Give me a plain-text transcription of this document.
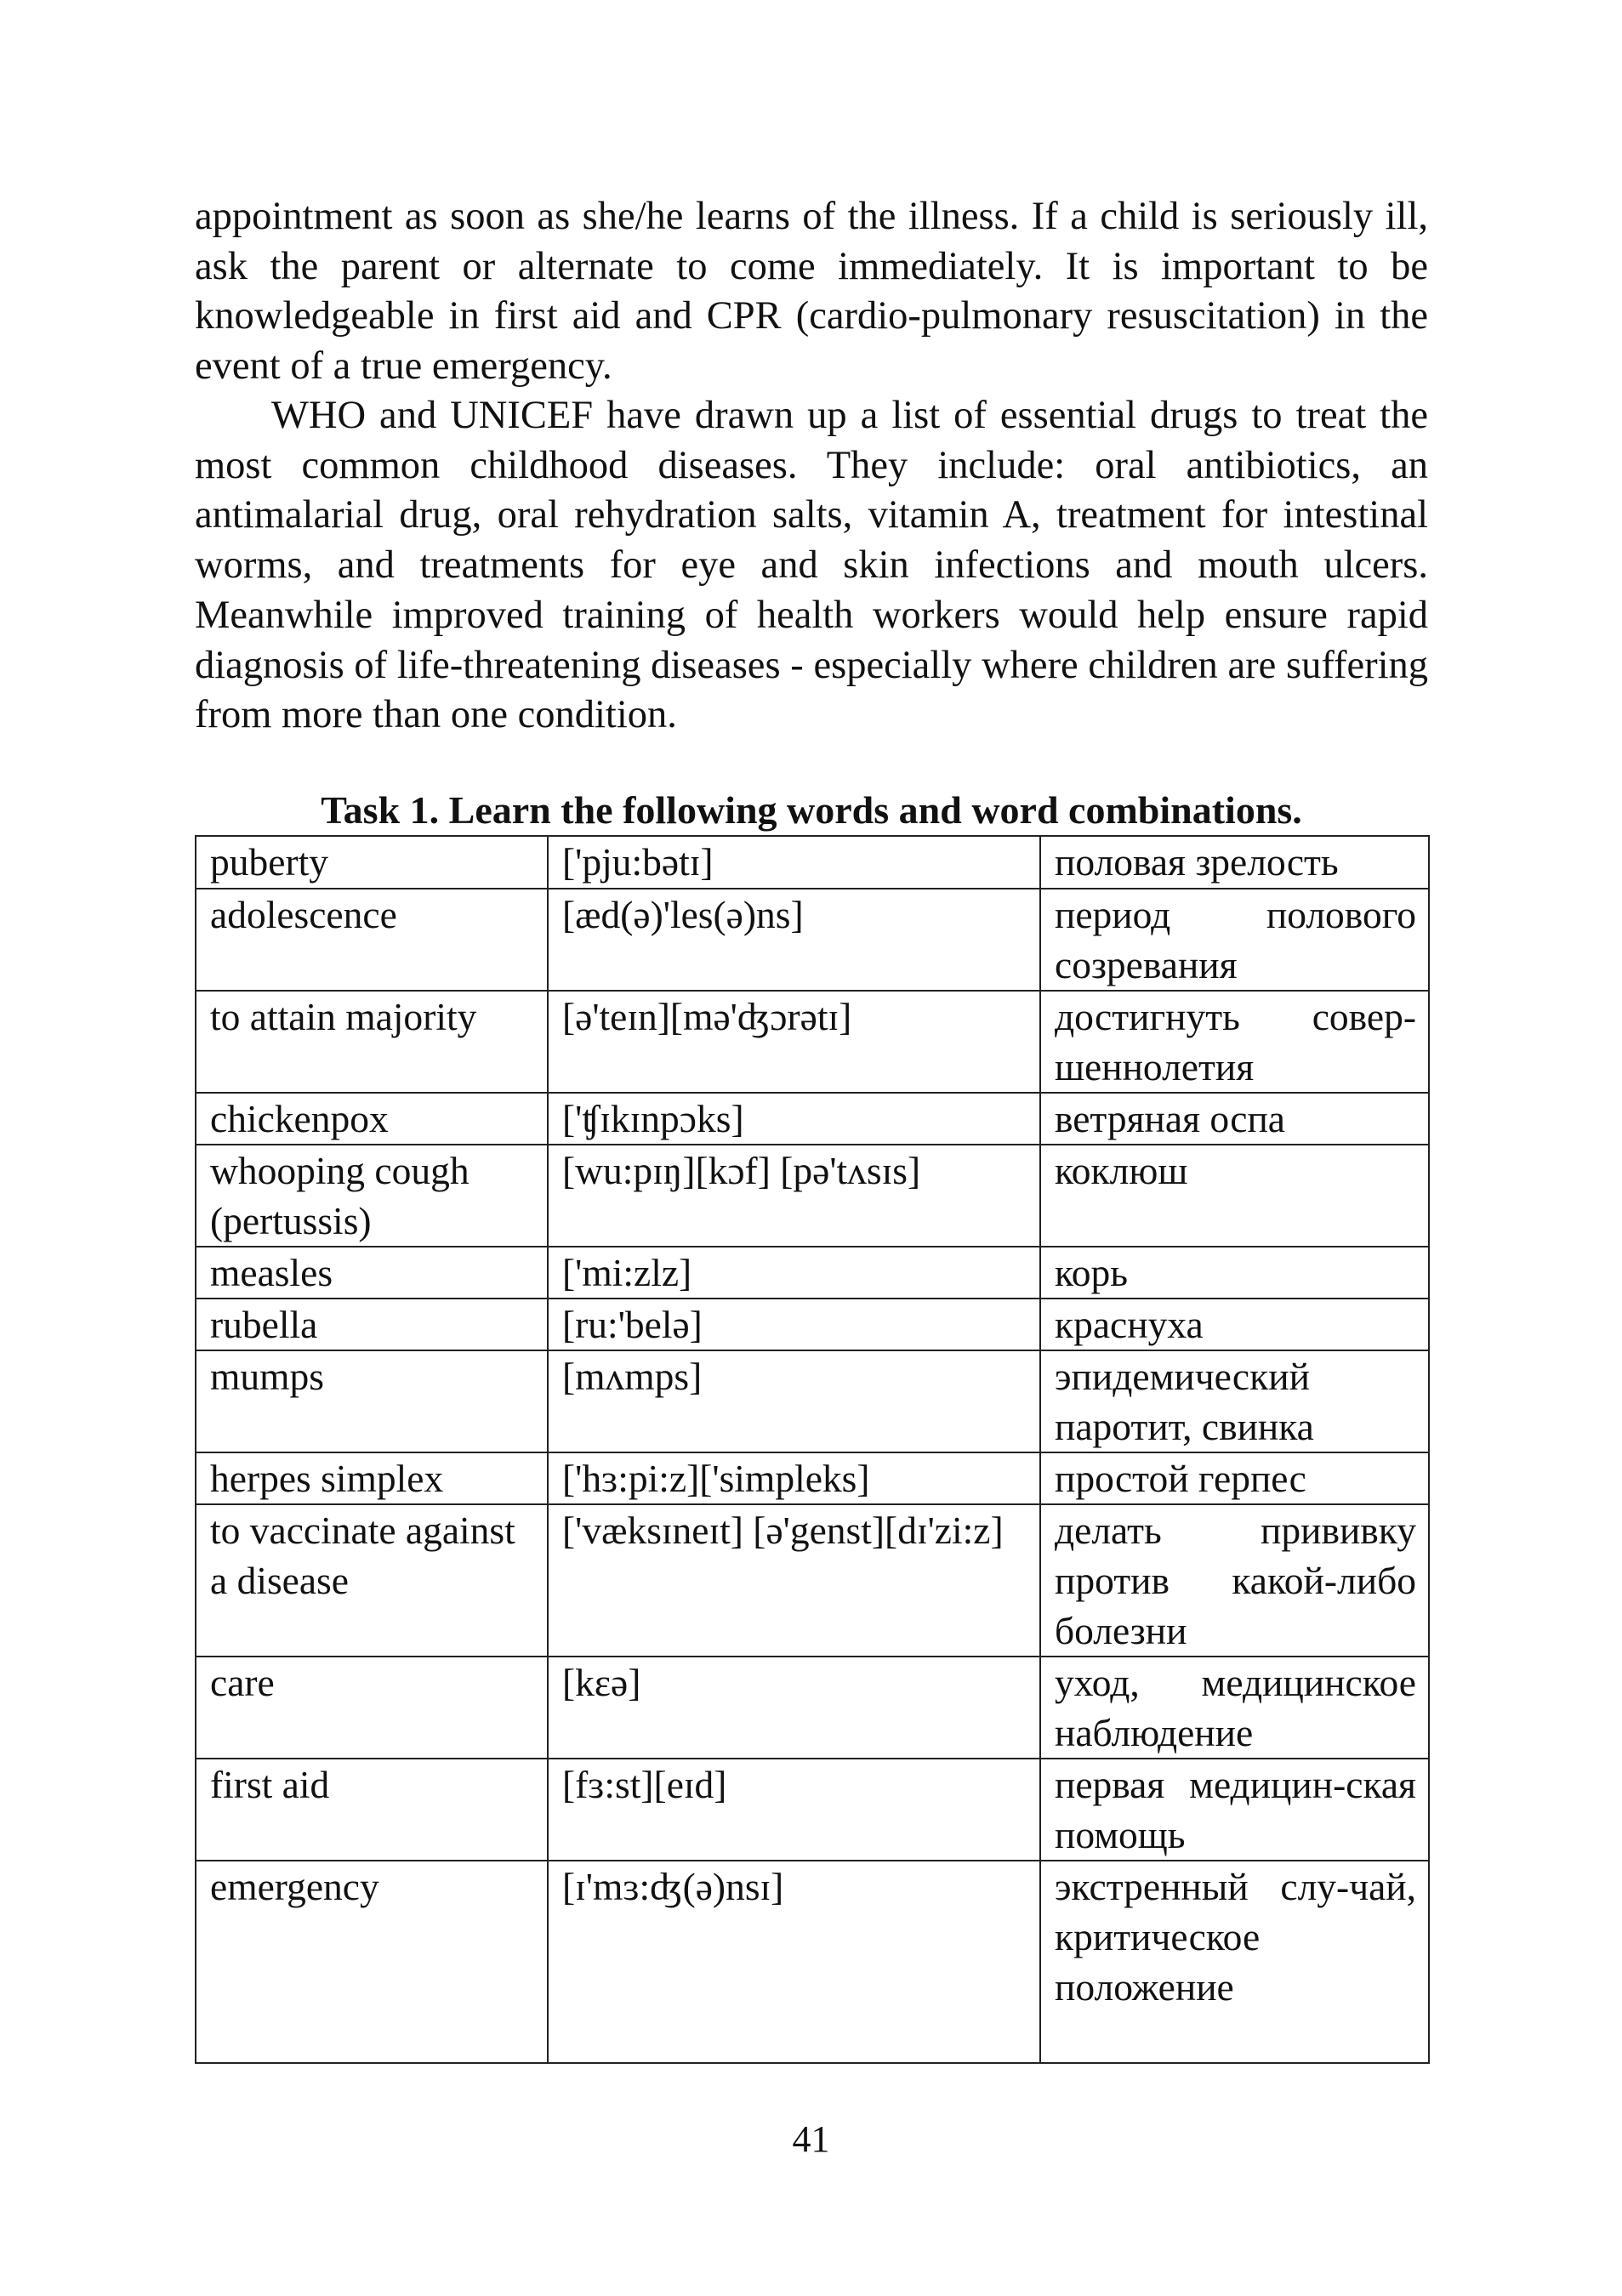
appointment as soon as she/he learns of the illness. If a child is seriously ill, ask the parent or alternate to come immediately. It is important to be knowledgeable in first aid and CPR (cardio-pulmonary resuscitation) in the event of a true emergency.

WHO and UNICEF have drawn up a list of essential drugs to treat the most common childhood diseases. They include: oral antibiotics, an antimalarial drug, oral rehydration salts, vitamin A, treatment for intestinal worms, and treatments for eye and skin infections and mouth ulcers. Meanwhile improved training of health workers would help ensure rapid diagnosis of life-threatening diseases - especially where children are suffering from more than one condition.

Task 1. Learn the following words and word combinations.

puberty	['pju:bətɪ]	половая зрелость
adolescence	[æd(ə)'les(ə)ns]	период полового созревания
to attain majority	[ə'teɪn][mə'ʤɔrətɪ]	достигнуть совер-шеннолетия
chickenpox	['ʧɪkɪnpɔks]	ветряная оспа
whooping cough (pertussis)	[wu:pɪŋ][kɔf] [pə'tʌsɪs]	коклюш
measles	['mi:zlz]	корь
rubella	[ru:'belə]	краснуха
mumps	[mʌmps]	эпидемический паротит, свинка
herpes simplex	['hɜ:pi:z]['simpleks]	простой герпес
to vaccinate against a disease	['væksɪneɪt] [ə'genst][dɪ'zi:z]	делать прививку против какой-либо болезни
care	[kɛə]	уход, медицинское наблюдение
first aid	[fɜ:st][eɪd]	первая медицин-ская помощь
emergency	[ɪ'mɜ:ʤ(ə)nsɪ]	экстренный слу-чай, критическое положение

41
